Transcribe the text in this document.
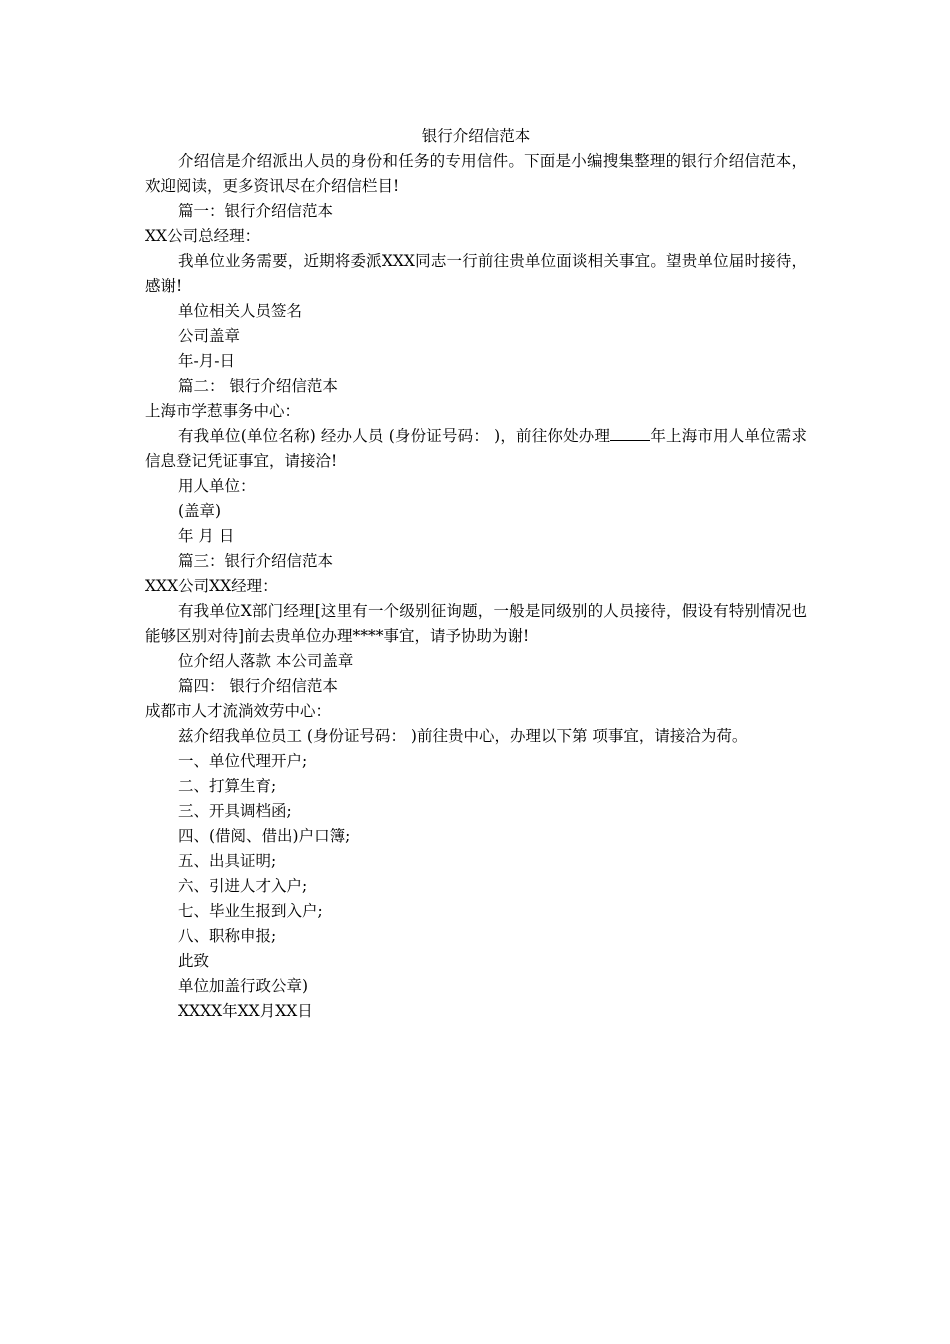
银行介绍信范本
介绍信是介绍派出人员的身份和任务的专用信件。下面是小编搜集整理的银行介绍信范本，欢迎阅读，更多资讯尽在介绍信栏目!
篇一：银行介绍信范本
XX公司总经理：
我单位业务需要，近期将委派XXX同志一行前往贵单位面谈相关事宜。望贵单位届时接待，感谢!
单位相关人员签名
公司盖章
年-月-日
篇二： 银行介绍信范本
上海市学惹事务中心：
有我单位(单位名称) 经办人员 (身份证号码： )，前往你处办理	年上海市用人单位需求信息登记凭证事宜，请接洽!
用人单位：
(盖章)
年 月 日
篇三：银行介绍信范本
XXX公司XX经理：
有我单位X部门经理[这里有一个级别征询题，一般是同级别的人员接待，假设有特别情况也能够区别对待]前去贵单位办理****事宜，请予协助为谢!
位介绍人落款 本公司盖章
篇四： 银行介绍信范本
成都市人才流淌效劳中心：
兹介绍我单位员工 (身份证号码： )前往贵中心，办理以下第 项事宜，请接洽为荷。
一、单位代理开户;
二、打算生育;
三、开具调档函;
四、(借阅、借出)户口簿;
五、出具证明;
六、引进人才入户;
七、毕业生报到入户;
八、职称申报;
此致
单位加盖行政公章)
XXXX年XX月XX日
